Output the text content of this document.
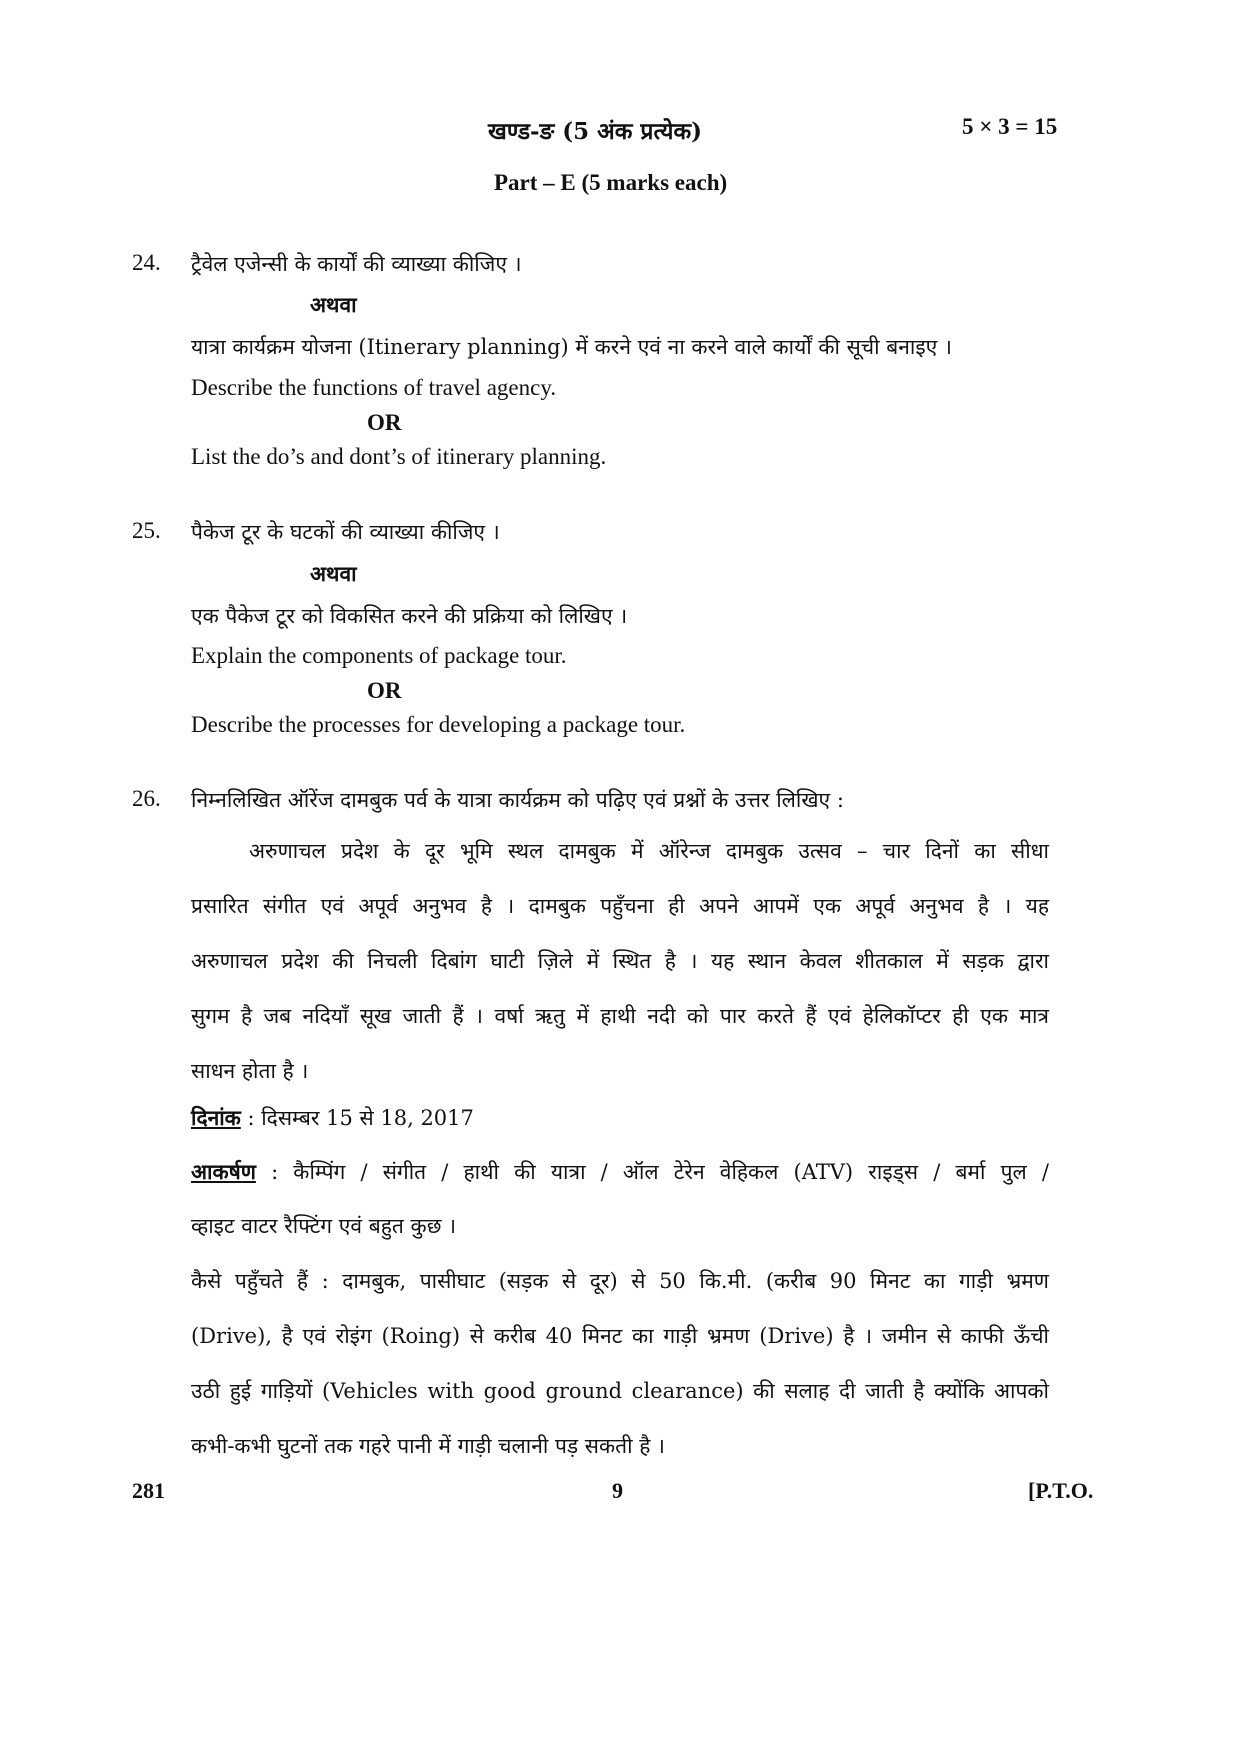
खण्ड-ङ (5 अंक प्रत्येक)	5 × 3 = 15
Part – E (5 marks each)
24. ट्रैवेल एजेन्सी के कार्यों की व्याख्या कीजिए ।
अथवा
यात्रा कार्यक्रम योजना (Itinerary planning) में करने एवं ना करने वाले कार्यों की सूची बनाइए ।
Describe the functions of travel agency.
OR
List the do’s and dont’s of itinerary planning.
25. पैकेज टूर के घटकों की व्याख्या कीजिए ।
अथवा
एक पैकेज टूर को विकसित करने की प्रक्रिया को लिखिए ।
Explain the components of package tour.
OR
Describe the processes for developing a package tour.
26. निम्नलिखित ऑरेंज दामबुक पर्व के यात्रा कार्यक्रम को पढ़िए एवं प्रश्नों के उत्तर लिखिए :
अरुणाचल प्रदेश के दूर भूमि स्थल दामबुक में ऑरेन्ज दामबुक उत्सव – चार दिनों का सीधा
प्रसारित संगीत एवं अपूर्व अनुभव है । दामबुक पहुँचना ही अपने आपमें एक अपूर्व अनुभव है । यह
अरुणाचल प्रदेश की निचली दिबांग घाटी ज़िले में स्थित है । यह स्थान केवल शीतकाल में सड़क द्वारा
सुगम है जब नदियाँ सूख जाती हैं । वर्षा ऋतु में हाथी नदी को पार करते हैं एवं हेलिकॉप्टर ही एक मात्र
साधन होता है ।
दिनांक : दिसम्बर 15 से 18, 2017
आकर्षण : कैम्पिंग / संगीत / हाथी की यात्रा / ऑल टेरेन वेहिकल (ATV) राइड्स / बर्मा पुल /
व्हाइट वाटर रैफ्टिंग एवं बहुत कुछ ।
कैसे पहुँचते हैं : दामबुक, पासीघाट (सड़क से दूर) से 50 कि.मी. (करीब 90 मिनट का गाड़ी भ्रमण
(Drive), है एवं रोइंग (Roing) से करीब 40 मिनट का गाड़ी भ्रमण (Drive) है । जमीन से काफी ऊँची
उठी हुई गाड़ियों (Vehicles with good ground clearance) की सलाह दी जाती है क्योंकि आपको
कभी-कभी घुटनों तक गहरे पानी में गाड़ी चलानी पड़ सकती है ।
281	9	[P.T.O.
